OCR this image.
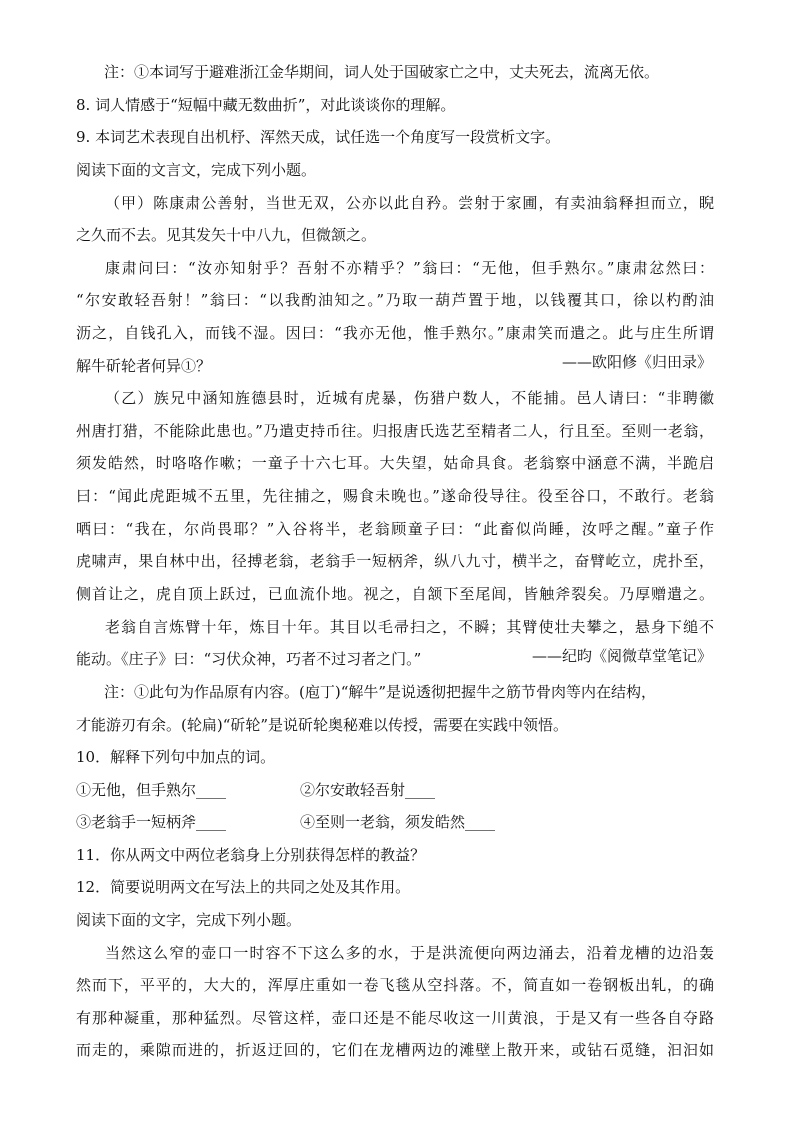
注：①本词写于避难浙江金华期间，词人处于国破家亡之中，丈夫死去，流离无依。
8. 词人情感于“短幅中藏无数曲折”，对此谈谈你的理解。
9. 本词艺术表现自出机杼、浑然天成，试任选一个角度写一段赏析文字。
阅读下面的文言文，完成下列小题。
（甲）陈康肃公善射，当世无双，公亦以此自矜。尝射于家圃，有卖油翁释担而立，睨
之久而不去。见其发矢十中八九，但微颔之。
康肃问曰：“汝亦知射乎？吾射不亦精乎？”翁曰：“无他，但手熟尔。”康肃忿然曰：
“尔安敢轻吾射！”翁曰：“以我酌油知之。”乃取一葫芦置于地，以钱覆其口，徐以杓酌油
沥之，自钱孔入，而钱不湿。因曰：“我亦无他，惟手熟尔。”康肃笑而遣之。此与庄生所谓
解牛斫轮者何异①？	——欧阳修《归田录》
（乙）族兄中涵知旌德县时，近城有虎暴，伤猎户数人，不能捕。邑人请曰：“非聘徽
州唐打猎，不能除此患也。”乃遣吏持币往。归报唐氏选艺至精者二人，行且至。至则一老翁，
须发皓然，时咯咯作嗽；一童子十六七耳。大失望，姑命具食。老翁察中涵意不满，半跪启
曰：“闻此虎距城不五里，先往捕之，赐食未晚也。”遂命役导往。役至谷口，不敢行。老翁
哂曰：“我在，尔尚畏耶？”入谷将半，老翁顾童子曰：“此畜似尚睡，汝呼之醒。”童子作
虎啸声，果自林中出，径搏老翁，老翁手一短柄斧，纵八九寸，横半之，奋臂屹立，虎扑至，
侧首让之，虎自顶上跃过，已血流仆地。视之，自颔下至尾闾，皆触斧裂矣。乃厚赠遣之。
老翁自言炼臂十年，炼目十年。其目以毛帚扫之，不瞬；其臂使壮夫攀之，悬身下缒不
能动。《庄子》曰：“习伏众神，巧者不过习者之门。”	——纪昀《阅微草堂笔记》
注：①此句为作品原有内容。(庖丁)“解牛”是说透彻把握牛之筋节骨肉等内在结构，
才能游刃有余。(轮扁)“斫轮”是说斫轮奥秘难以传授，需要在实践中领悟。
10．解释下列句中加点的词。
①无他，但手熟尔____	②尔安敢轻吾射____
③老翁手一短柄斧____	④至则一老翁，须发皓然____
11．你从两文中两位老翁身上分别获得怎样的教益？
12．简要说明两文在写法上的共同之处及其作用。
阅读下面的文字，完成下列小题。
当然这么窄的壶口一时容不下这么多的水，于是洪流便向两边涌去，沿着龙槽的边沿轰
然而下，平平的，大大的，浑厚庄重如一卷飞毯从空抖落。不，简直如一卷钢板出轧，的确
有那种凝重，那种猛烈。尽管这样，壶口还是不能尽收这一川黄浪，于是又有一些各自夺路
而走的，乘隙而进的，折返迂回的，它们在龙槽两边的滩壁上散开来，或钻石觅缝，汩汩如
